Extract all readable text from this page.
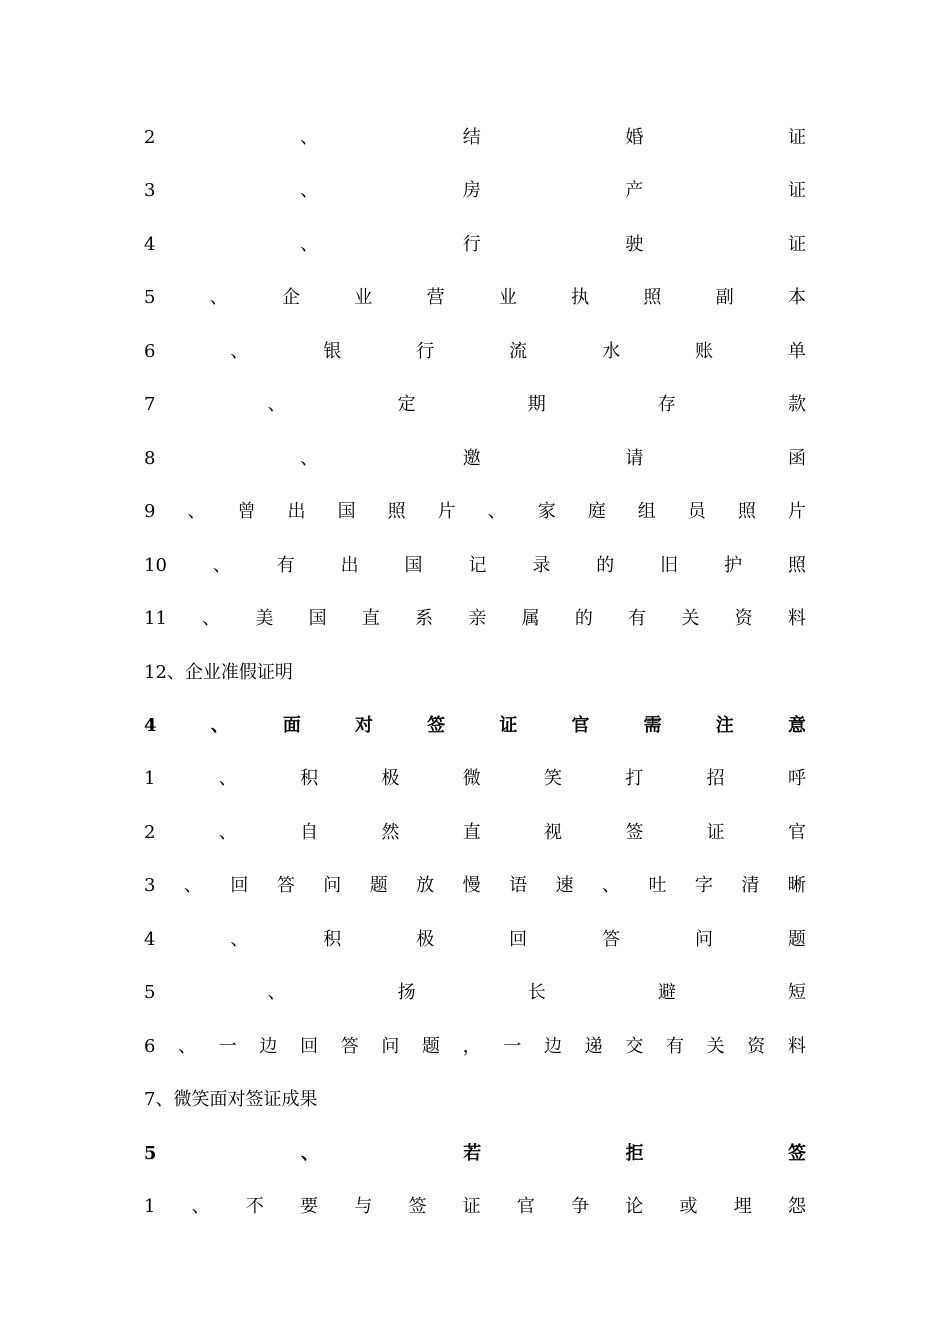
2	、	结	婚	证
3	、	房	产	证
4	、	行	驶	证
5	、	企	业	营	业	执	照	副	本
6	、	银	行	流	水	账	单
7	、	定	期	存	款
8	、	邀	请	函
9 、 曾 出 国 照 片 、 家 庭 组 员 照 片
10	、	有	出	国	记	录	的	旧	护	照
11 、 美 国 直 系 亲 属 的 有 关 资 料
12、企业准假证明
4	、	面	对	签	证	官	需	注	意
1	、	积	极	微	笑	打	招	呼
2	、	自	然	直	视	签	证	官
3 、 回 答 问 题 放 慢 语 速 、 吐 字 清 晰
4	、	积	极	回	答	问	题
5	、	扬	长	避	短
6 、 一 边 回 答 问 题 ， 一 边 递 交 有 关 资 料
7、微笑面对签证成果
5	、	若	拒	签
1 、 不 要 与 签 证 官 争 论 或 埋 怨
